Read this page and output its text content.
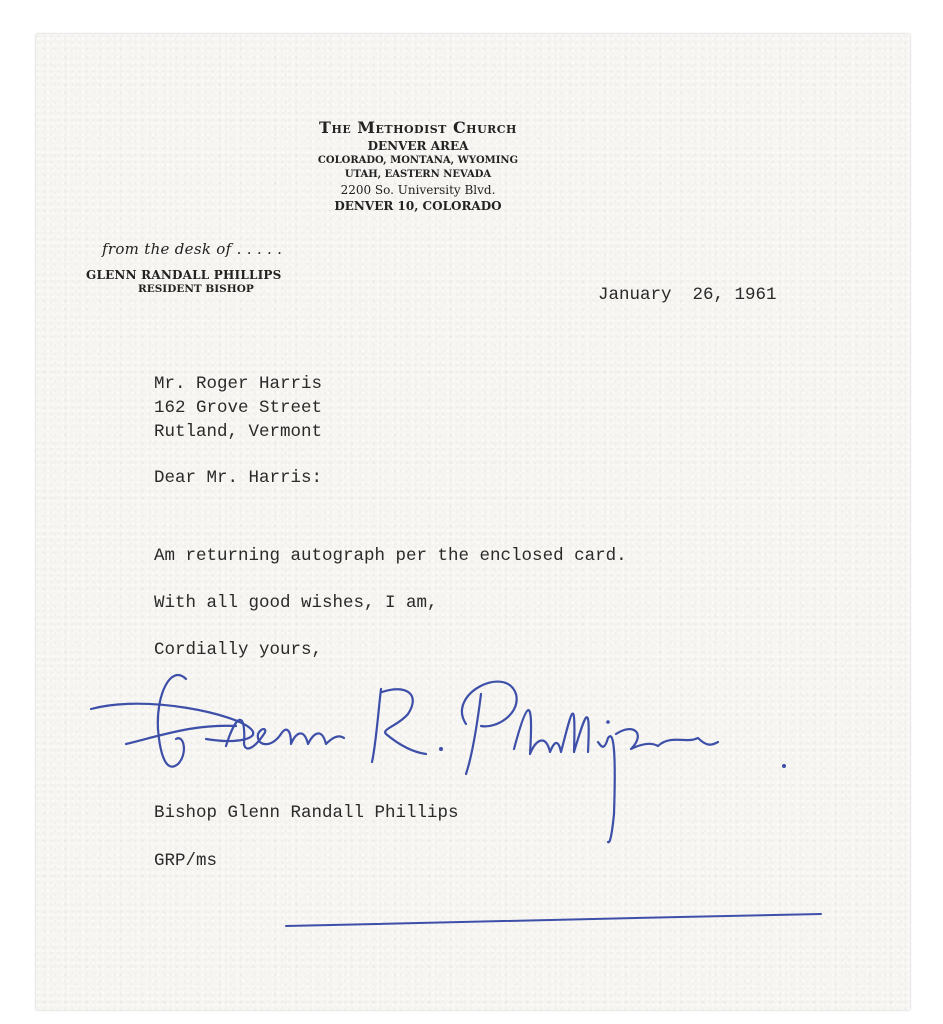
The Methodist Church
DENVER AREA
COLORADO, MONTANA, WYOMING
UTAH, EASTERN NEVADA
2200 So. University Blvd.
DENVER 10, COLORADO
from the desk of . . . . .
GLENN RANDALL PHILLIPS
RESIDENT BISHOP	January  26, 1961
Mr. Roger Harris
162 Grove Street
Rutland, Vermont
Dear Mr. Harris:
Am returning autograph per the enclosed card.
With all good wishes, I am,
Cordially yours,
Bishop Glenn Randall Phillips
GRP/ms
